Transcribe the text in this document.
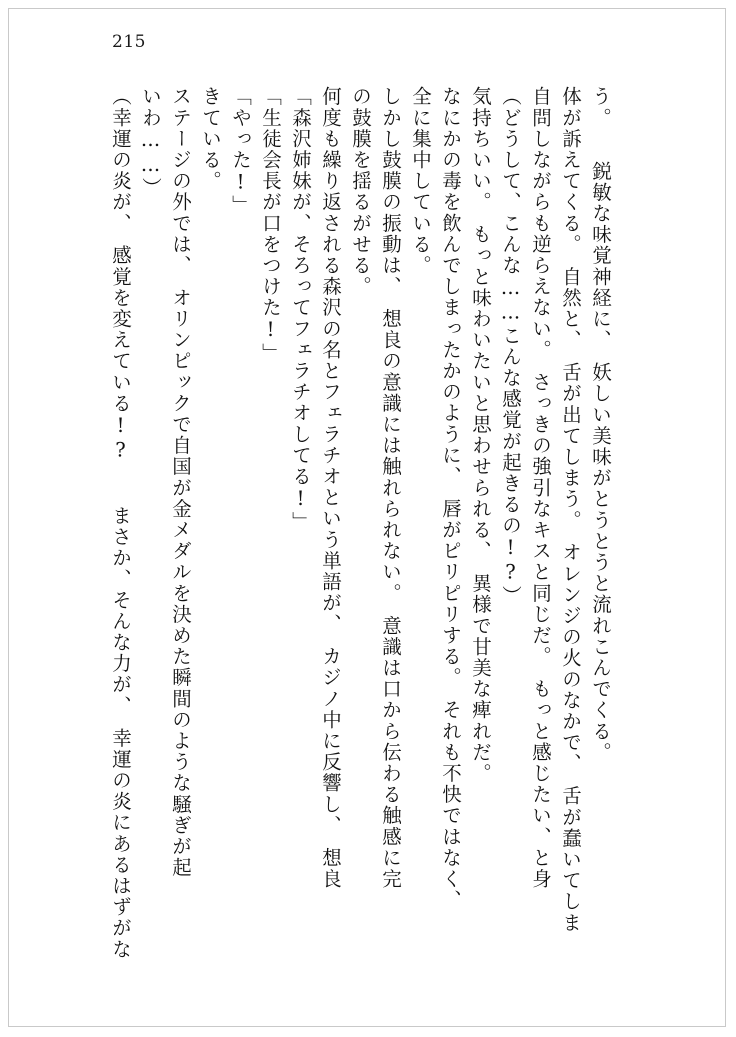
215
（幸運の炎が、　感覚を変えている!?　　まさか、そんな力が、　幸運の炎にあるはずがな いわ……） ステージの外では、　オリンピックで自国が金メダルを決めた瞬間のような騒ぎが起 きている。 「やった!」 「生徒会長が口をつけた!」 「森沢姉妹が、そろってフェラチオしてる!」 何度も繰り返される森沢の名とフェラチオという単語が、　カジノ中に反響し、　想良 の鼓膜を揺るがせる。 しかし鼓膜の振動は、　想良の意識には触れられない。　意識は口から伝わる触感に完 全に集中している。 なにかの毒を飲んでしまったかのように、　唇がピリピリする。　それも不快ではなく、 気持ちいい。　もっと味わいたいと思わせられる、　異様で甘美な痺れだ。 （どうして、こんな……こんな感覚が起きるの!?） 自問しながらも逆らえない。　さっきの強引なキスと同じだ。　もっと感じたい、と身 体が訴えてくる。　自然と、　舌が出てしまう。　オレンジの火のなかで、　舌が蠢いてしま う。　　鋭敏な味覚神経に、　妖しい美味がとうとうと流れこんでくる。
